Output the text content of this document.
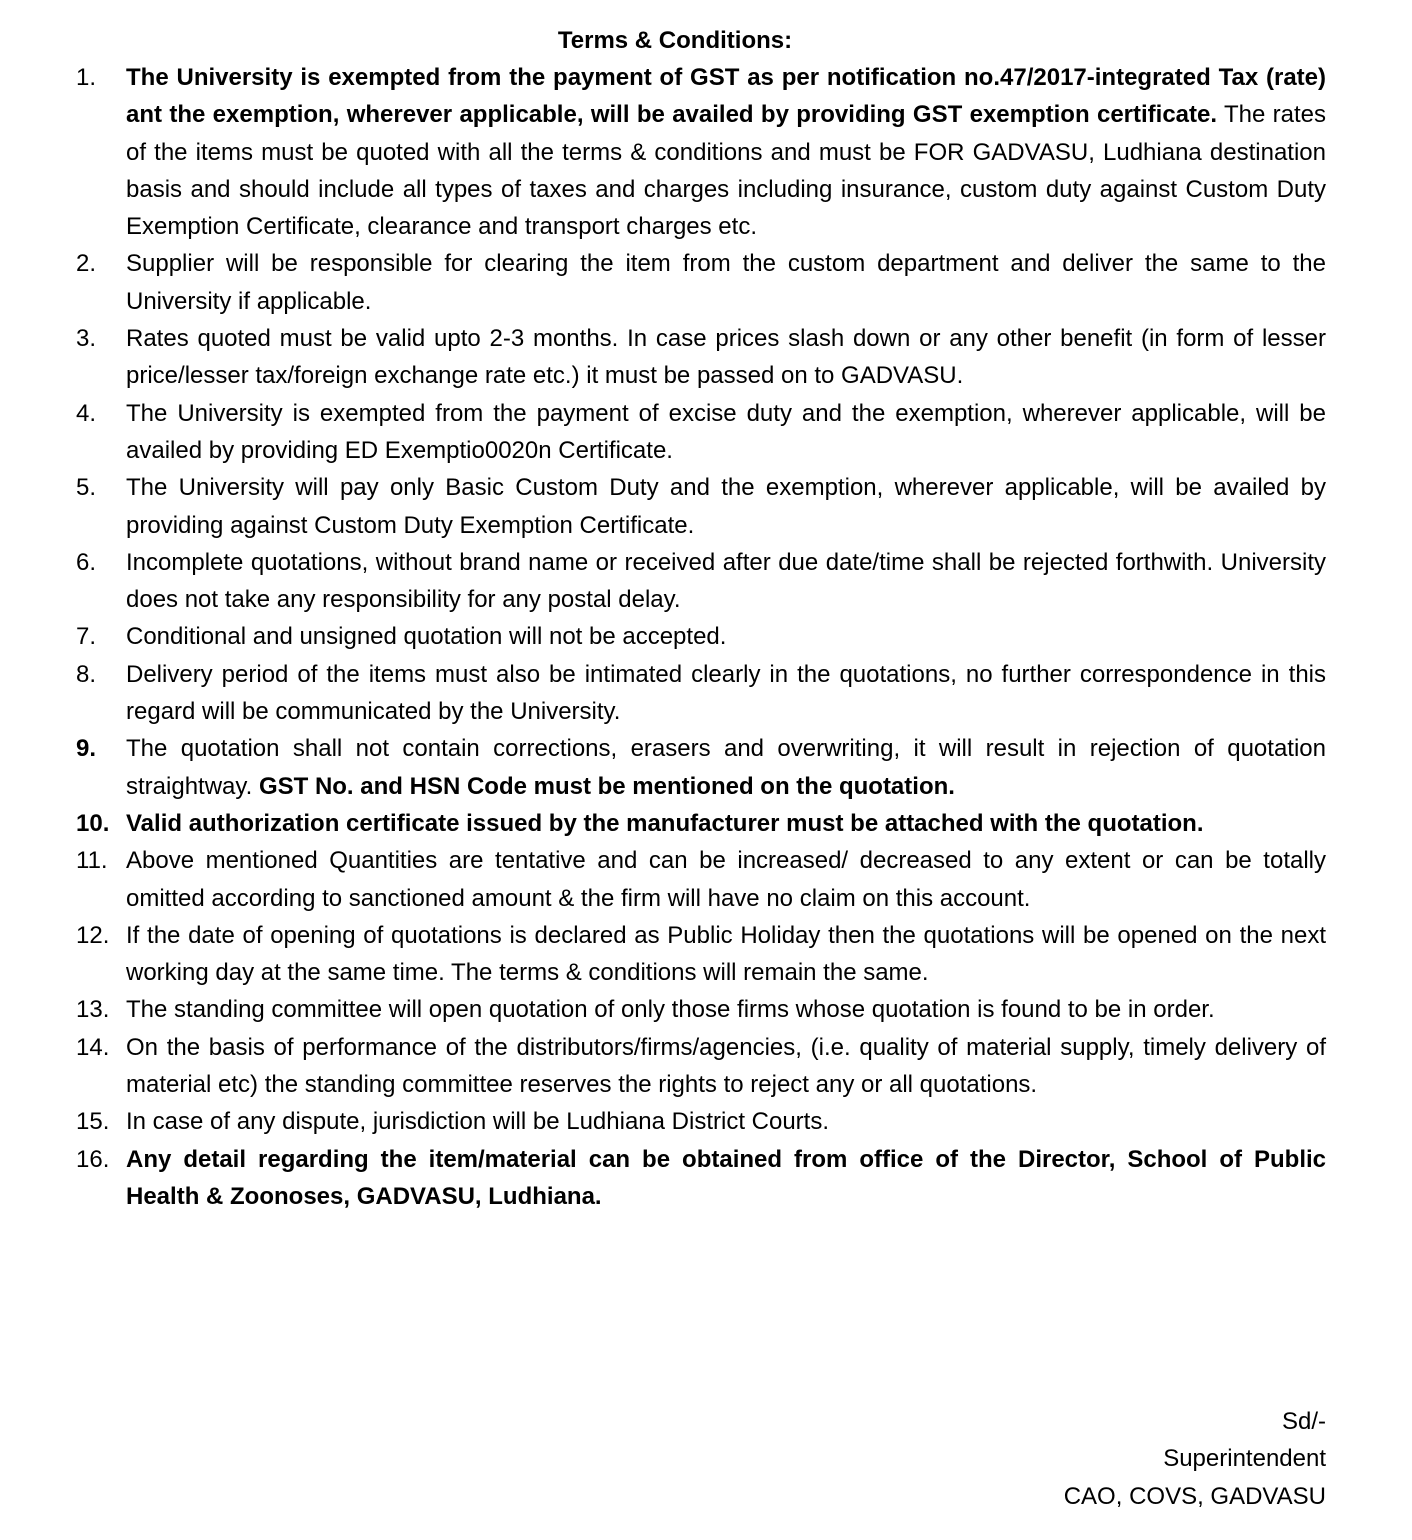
Terms & Conditions:
1. The University is exempted from the payment of GST as per notification no.47/2017-integrated Tax (rate) ant the exemption, wherever applicable, will be availed by providing GST exemption certificate. The rates of the items must be quoted with all the terms & conditions and must be FOR GADVASU, Ludhiana destination basis and should include all types of taxes and charges including insurance, custom duty against Custom Duty Exemption Certificate, clearance and transport charges etc.
2. Supplier will be responsible for clearing the item from the custom department and deliver the same to the University if applicable.
3. Rates quoted must be valid upto 2-3 months. In case prices slash down or any other benefit (in form of lesser price/lesser tax/foreign exchange rate etc.) it must be passed on to GADVASU.
4. The University is exempted from the payment of excise duty and the exemption, wherever applicable, will be availed by providing ED Exemptio0020n Certificate.
5. The University will pay only Basic Custom Duty and the exemption, wherever applicable, will be availed by providing against Custom Duty Exemption Certificate.
6. Incomplete quotations, without brand name or received after due date/time shall be rejected forthwith. University does not take any responsibility for any postal delay.
7. Conditional and unsigned quotation will not be accepted.
8. Delivery period of the items must also be intimated clearly in the quotations, no further correspondence in this regard will be communicated by the University.
9. The quotation shall not contain corrections, erasers and overwriting, it will result in rejection of quotation straightway. GST No. and HSN Code must be mentioned on the quotation.
10. Valid authorization certificate issued by the manufacturer must be attached with the quotation.
11. Above mentioned Quantities are tentative and can be increased/ decreased to any extent or can be totally omitted according to sanctioned amount & the firm will have no claim on this account.
12. If the date of opening of quotations is declared as Public Holiday then the quotations will be opened on the next working day at the same time. The terms & conditions will remain the same.
13. The standing committee will open quotation of only those firms whose quotation is found to be in order.
14. On the basis of performance of the distributors/firms/agencies, (i.e. quality of material supply, timely delivery of material etc) the standing committee reserves the rights to reject any or all quotations.
15. In case of any dispute, jurisdiction will be Ludhiana District Courts.
16. Any detail regarding the item/material can be obtained from office of the Director, School of Public Health & Zoonoses, GADVASU, Ludhiana.
Sd/-
Superintendent
CAO, COVS, GADVASU
